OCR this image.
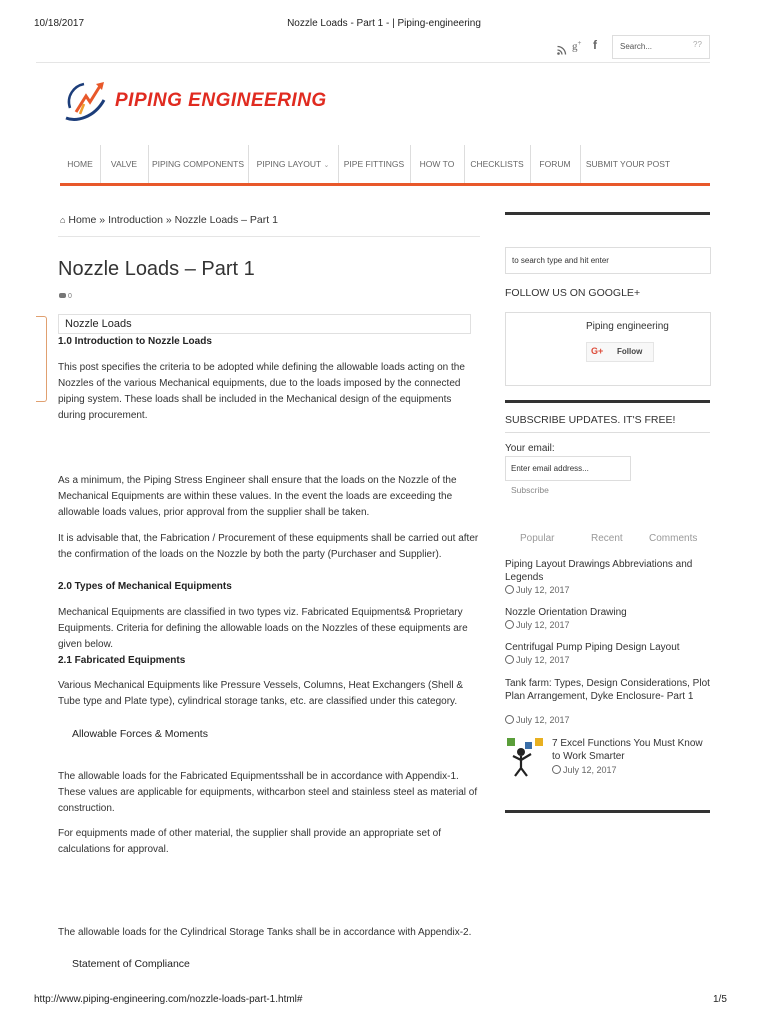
10/18/2017	Nozzle Loads - Part 1 - | Piping-engineering
g+ f	Search...	??
PIPING ENGINEERING
HOME	VALVE	PIPING COMPONENTS	PIPING LAYOUT ⌄	PIPE FITTINGS	HOW TO	CHECKLISTS	FORUM	SUBMIT YOUR POST
⌂ Home » Introduction » Nozzle Loads – Part 1
Nozzle Loads – Part 1
0
Nozzle Loads
1.0 Introduction to Nozzle Loads

This post specifies the criteria to be adopted while defining the allowable loads acting on the Nozzles of the various Mechanical equipments, due to the loads imposed by the connected piping system. These loads shall be included in the Mechanical design of the equipments during procurement.

As a minimum, the Piping Stress Engineer shall ensure that the loads on the Nozzle of the Mechanical Equipments are within these values. In the event the loads are exceeding the allowable loads values, prior approval from the supplier shall be taken.

It is advisable that, the Fabrication / Procurement of these equipments shall be carried out after the confirmation of the loads on the Nozzle by both the party (Purchaser and Supplier).

2.0 Types of Mechanical Equipments

Mechanical Equipments are classified in two types viz. Fabricated Equipments& Proprietary Equipments. Criteria for defining the allowable loads on the Nozzles of these equipments are given below.

2.1 Fabricated Equipments

Various Mechanical Equipments like Pressure Vessels, Columns, Heat Exchangers (Shell & Tube type and Plate type), cylindrical storage tanks, etc. are classified under this category.

Allowable Forces & Moments

The allowable loads for the Fabricated Equipmentsshall be in accordance with Appendix-1. These values are applicable for equipments, withcarbon steel and stainless steel as material of construction.

For equipments made of other material, the supplier shall provide an appropriate set of calculations for approval.

The allowable loads for the Cylindrical Storage Tanks shall be in accordance with Appendix-2.

Statement of Compliance
to search type and hit enter
FOLLOW US ON GOOGLE+
Piping engineering
G+ Follow
SUBSCRIBE UPDATES. IT'S FREE!
Your email:
Enter email address...
Subscribe
Popular	Recent	Comments
Piping Layout Drawings Abbreviations and Legends
July 12, 2017
Nozzle Orientation Drawing
July 12, 2017
Centrifugal Pump Piping Design Layout
July 12, 2017
Tank farm: Types, Design Considerations, Plot Plan Arrangement, Dyke Enclosure- Part 1
July 12, 2017
7 Excel Functions You Must Know to Work Smarter
July 12, 2017
http://www.piping-engineering.com/nozzle-loads-part-1.html#	1/5
